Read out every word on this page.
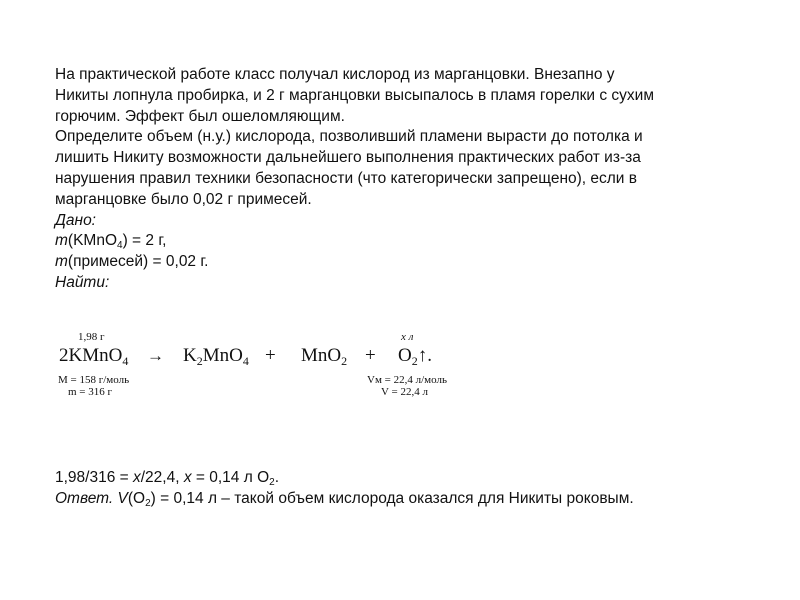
На практической работе класс получал кислород из марганцовки. Внезапно у

Никиты лопнула пробирка, и 2 г марганцовки высыпалось в пламя горелки с сухим

горючим. Эффект был ошеломляющим.

Определите объем (н.у.) кислорода, позволивший пламени вырасти до потолка и

лишить Никиту возможности дальнейшего выполнения практических работ из-за

нарушения правил техники безопасности (что категорически запрещено), если в

марганцовке было 0,02 г примесей.

Дано:

m(KMnO$_4$) = 2 г,

m(примесей) = 0,02 г.

Найти:

1,98 г
2KMnO$_4$ → $K_2MnO_4 + MnO_2$ +
x л
$O_2↑$.
M = 158 г/моль
m = 316 г
Vм = 22,4 л/моль
V = 22,4 л

1,98/316 = x/22,4, x = 0,14 л $O_2$.

Ответ. $V(O_2) = 0,14$ л – такой объем кислорода оказался для Никиты роковым.
